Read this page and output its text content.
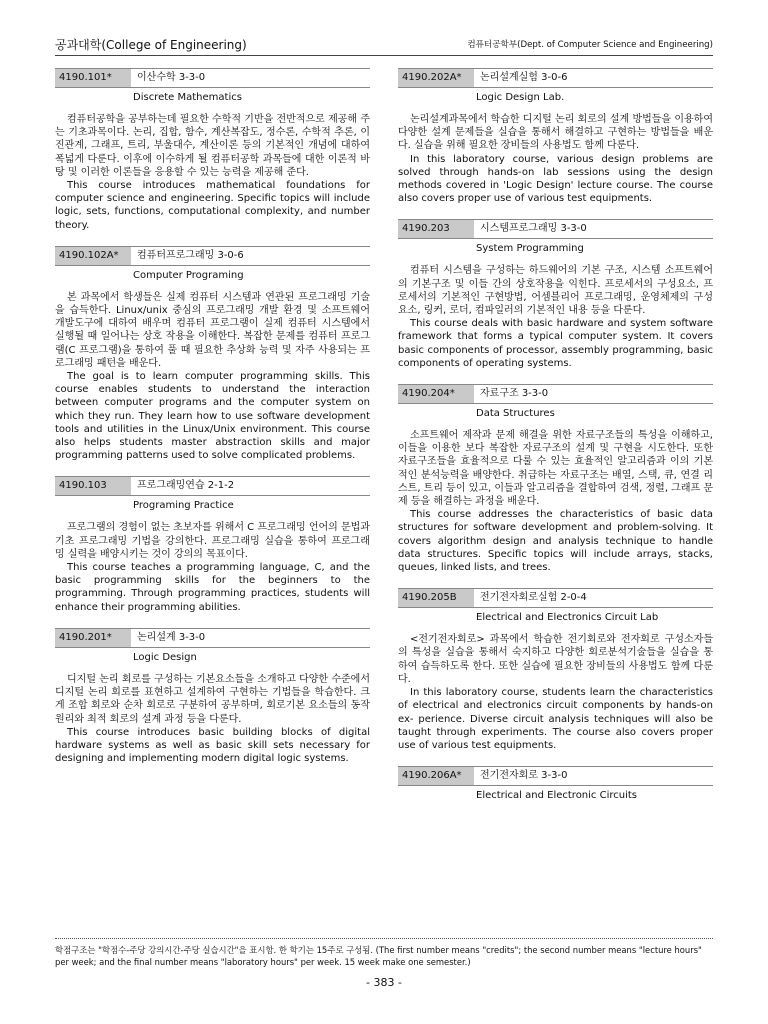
공과대학(College of Engineering)	컴퓨터공학부(Dept. of Computer Science and Engineering)
4190.101*	이산수학 3-3-0
Discrete Mathematics

컴퓨터공학을 공부하는데 필요한 수학적 기반을 전반적으로 제공해 주는 기초과목이다. 논리, 집합, 함수, 계산복잡도, 정수론, 수학적 추론, 이진관계, 그래프, 트리, 부울대수, 계산이론 등의 기본적인 개념에 대하여 폭넓게 다룬다. 이후에 이수하게 될 컴퓨터공학 과목들에 대한 이론적 바탕 및 이러한 이론들을 응용할 수 있는 능력을 제공해 준다.

This course introduces mathematical foundations for computer science and engineering. Specific topics will include logic, sets, functions, computational complexity, and number theory.

4190.102A*	컴퓨터프로그래밍 3-0-6
Computer Programing

본 과목에서 학생들은 실제 컴퓨터 시스템과 연관된 프로그래밍 기술을 습득한다. Linux/unix 중심의 프로그래밍 개발 환경 및 소프트웨어 개발도구에 대하여 배우며 컴퓨터 프로그램이 실제 컴퓨터 시스템에서 실행될 때 일어나는 상호 작용을 이해한다. 복잡한 문제를 컴퓨터 프로그램(C 프로그램)을 통하여 풀 때 필요한 추상화 능력 및 자주 사용되는 프로그래밍 패턴을 배운다.

The goal is to learn computer programming skills. This course enables students to understand the interaction between computer programs and the computer system on which they run. They learn how to use software development tools and utilities in the Linux/Unix environment. This course also helps students master abstraction skills and major programming patterns used to solve complicated problems.

4190.103	프로그래밍연습 2-1-2
Programing Practice

프로그램의 경험이 없는 초보자를 위해서 C 프로그래밍 언어의 문법과 기초 프로그래밍 기법을 강의한다. 프로그래밍 실습을 통하여 프로그래밍 실력을 배양시키는 것이 강의의 목표이다.

This course teaches a programming language, C, and the basic programming skills for the beginners to the programming. Through programming practices, students will enhance their programming abilities.

4190.201*	논리설계 3-3-0
Logic Design

디지털 논리 회로를 구성하는 기본요소들을 소개하고 다양한 수준에서 디지털 논리 회로를 표현하고 설계하여 구현하는 기법들을 학습한다. 크게 조합 회로와 순차 회로로 구분하여 공부하며, 회로기본 요소들의 동작 원리와 최적 회로의 설계 과정 등을 다룬다.

This course introduces basic building blocks of digital hardware systems as well as basic skill sets necessary for designing and implementing modern digital logic systems.

4190.202A*	논리설계실험 3-0-6
Logic Design Lab.

논리설계과목에서 학습한 디지털 논리 회로의 설계 방법들을 이용하여 다양한 설계 문제들을 실습을 통해서 해결하고 구현하는 방법들을 배운다. 실습을 위해 필요한 장비들의 사용법도 함께 다룬다.

In this laboratory course, various design problems are solved through hands-on lab sessions using the design methods covered in 'Logic Design' lecture course. The course also covers proper use of various test equipments.

4190.203	시스템프로그래밍 3-3-0
System Programming

컴퓨터 시스템을 구성하는 하드웨어의 기본 구조, 시스템 소프트웨어의 기본구조 및 이들 간의 상호작용을 익힌다. 프로세서의 구성요소, 프로세서의 기본적인 구현방법, 어셈블리어 프로그래밍, 운영체제의 구성요소, 링커, 로더, 컴파일러의 기본적인 내용 등을 다룬다.

This course deals with basic hardware and system software framework that forms a typical computer system. It covers basic components of processor, assembly programming, basic components of operating systems.

4190.204*	자료구조 3-3-0
Data Structures

소프트웨어 제작과 문제 해결을 위한 자료구조들의 특성을 이해하고, 이들을 이용한 보다 복잡한 자료구조의 설계 및 구현을 시도한다. 또한 자료구조들을 효율적으로 다룰 수 있는 효율적인 알고리즘과 이의 기본적인 분석능력을 배양한다. 취급하는 자료구조는 배열, 스택, 큐, 연결 리스트, 트리 등이 있고, 이들과 알고리즘을 결합하여 검색, 정렬, 그래프 문제 등을 해결하는 과정을 배운다.

This course addresses the characteristics of basic data structures for software development and problem-solving. It covers algorithm design and analysis technique to handle data structures. Specific topics will include arrays, stacks, queues, linked lists, and trees.

4190.205B	전기전자회로실험 2-0-4
Electrical and Electronics Circuit Lab

<전기전자회로> 과목에서 학습한 전기회로와 전자회로 구성소자들의 특성을 실습을 통해서 숙지하고 다양한 회로분석기술들을 실습을 통하여 습득하도록 한다. 또한 실습에 필요한 장비들의 사용법도 함께 다룬다.

In this laboratory course, students learn the characteristics of electrical and electronics circuit components by hands-on ex- perience. Diverse circuit analysis techniques will also be taught through experiments. The course also covers proper use of various test equipments.

4190.206A*	전기전자회로 3-3-0
Electrical and Electronic Circuits
학점구조는 "학점수-주당 강의시간-주당 실습시간"을 표시함. 한 학기는 15주로 구성됨. (The first number means "credits"; the second number means "lecture hours" per week; and the final number means "laboratory hours" per week. 15 week make one semester.)
- 383 -
